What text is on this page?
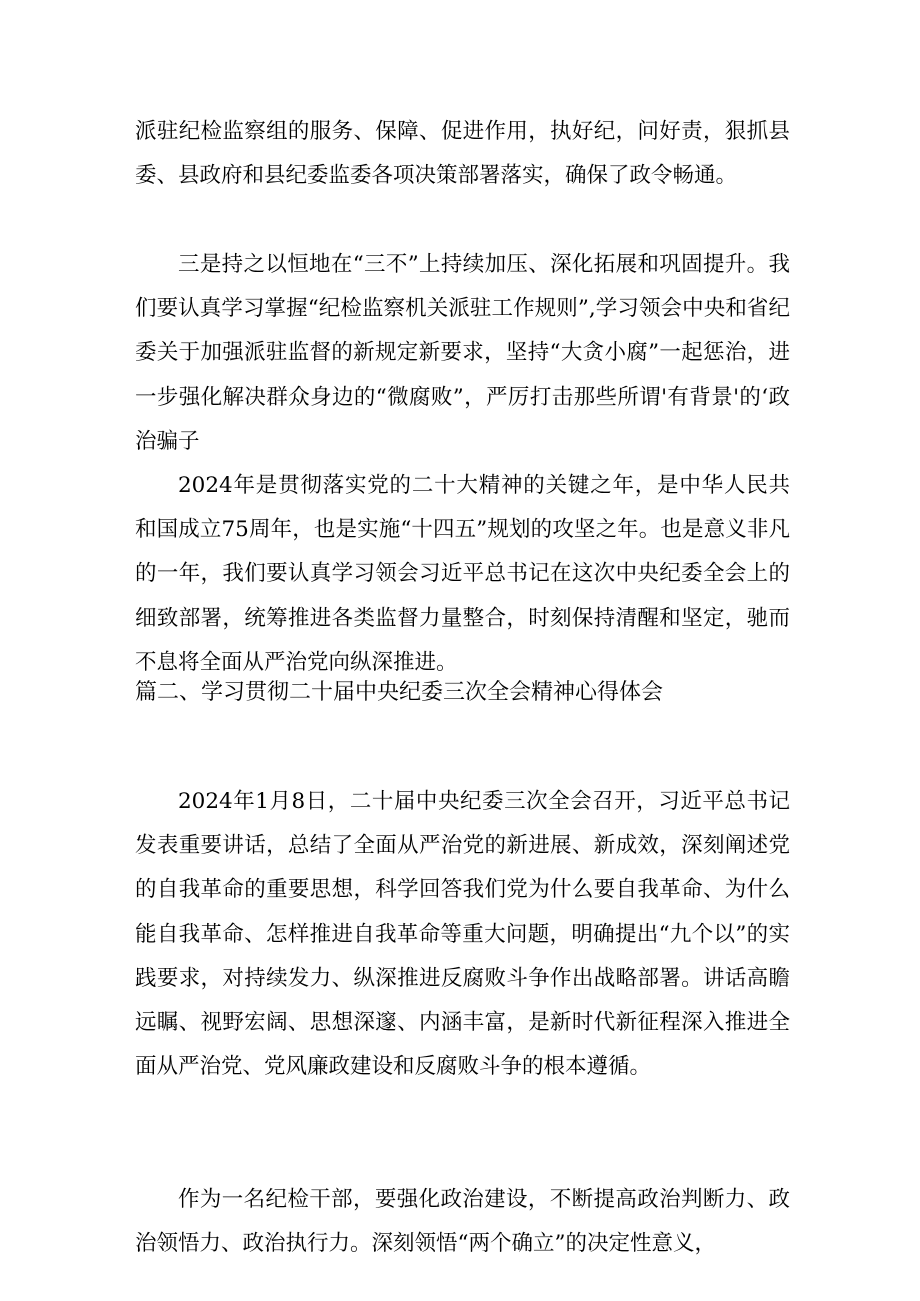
派驻纪检监察组的服务、保障、促进作用，执好纪，问好责，狠抓县委、县政府和县纪委监委各项决策部署落实，确保了政令畅通。

三是持之以恒地在“三不”上持续加压、深化拓展和巩固提升。我们要认真学习掌握“纪检监察机关派驻工作规则”,学习领会中央和省纪委关于加强派驻监督的新规定新要求，坚持“大贪小腐”一起惩治，进一步强化解决群众身边的“微腐败”，严厉打击那些所谓'有背景'的‘政治骗子

2024年是贯彻落实党的二十大精神的关键之年，是中华人民共和国成立75周年，也是实施“十四五”规划的攻坚之年。也是意义非凡的一年，我们要认真学习领会习近平总书记在这次中央纪委全会上的细致部署，统筹推进各类监督力量整合，时刻保持清醒和坚定，驰而不息将全面从严治党向纵深推进。

篇二、学习贯彻二十届中央纪委三次全会精神心得体会

2024年1月8日，二十届中央纪委三次全会召开，习近平总书记发表重要讲话，总结了全面从严治党的新进展、新成效，深刻阐述党的自我革命的重要思想，科学回答我们党为什么要自我革命、为什么能自我革命、怎样推进自我革命等重大问题，明确提出“九个以”的实践要求，对持续发力、纵深推进反腐败斗争作出战略部署。讲话高瞻远瞩、视野宏阔、思想深邃、内涵丰富，是新时代新征程深入推进全面从严治党、党风廉政建设和反腐败斗争的根本遵循。

作为一名纪检干部，要强化政治建设，不断提高政治判断力、政治领悟力、政治执行力。深刻领悟“两个确立”的决定性意义，
